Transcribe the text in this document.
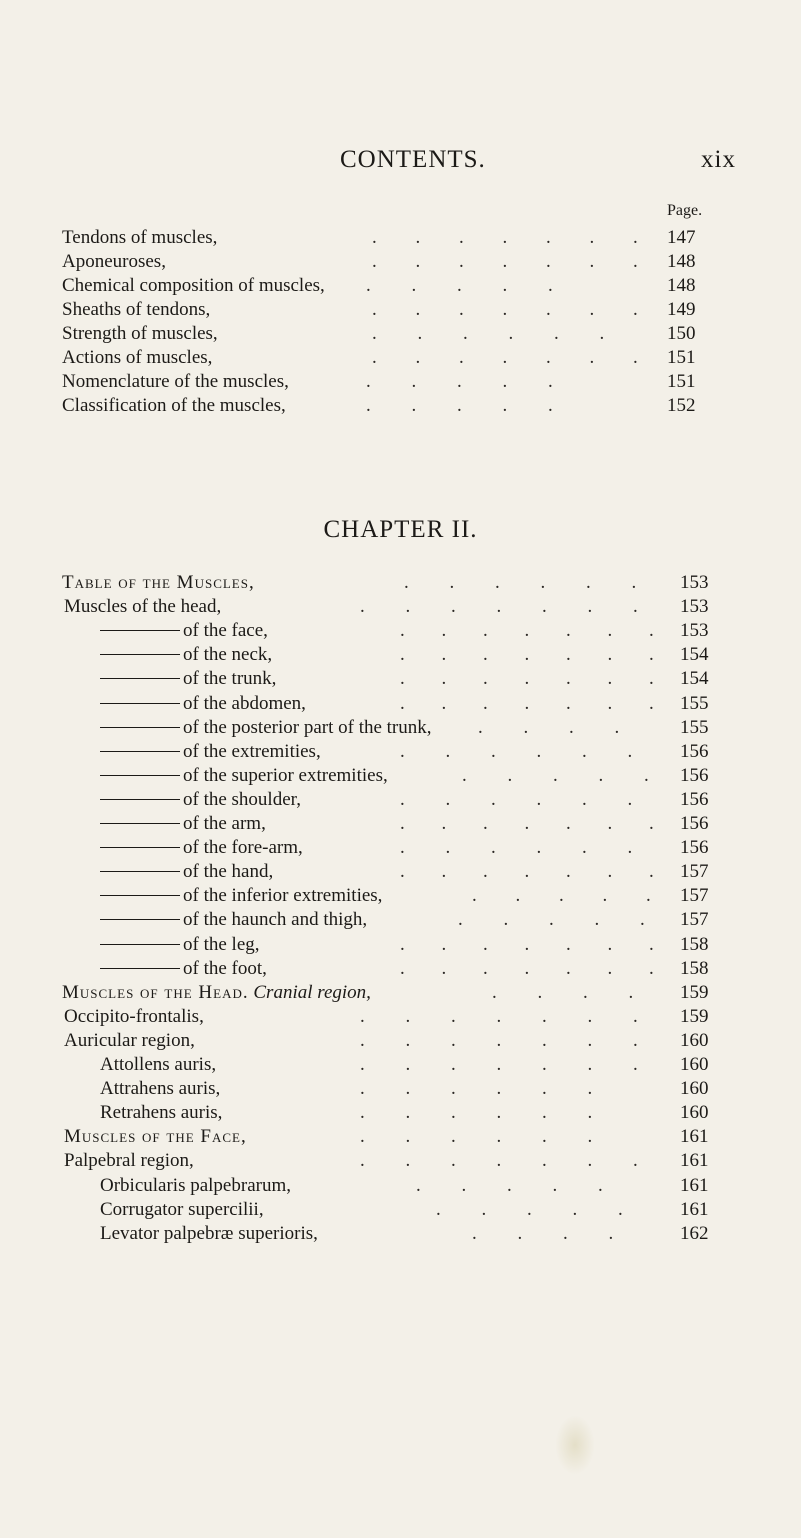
CONTENTS.	xix
Page.
Tendons of muscles,	. . . . . . . 147
Aponeuroses,	. . . . . . . 148
Chemical composition of muscles, . . . . .	148
Sheaths of tendons,	. . . . . . . 149
Strength of muscles,	. . . . . . 150
Actions of muscles,	. . . . . . . 151
Nomenclature of the muscles,	. . . . .	151
Classification of the muscles,	. . . . .	152
Table of the Muscles,	. . . . . . 153
Muscles of the head,	. . . . . . . 153
of the face,	. . . . . . . 153
of the neck,	. . . . . . . 154
of the trunk,	. . . . . . . 154
of the abdomen,	. . . . . . . 155
of the posterior part of the trunk, . . . . 155
of the extremities,	. . . . . . 156
of the superior extremities,	. . . . . 156
of the shoulder,	. . . . . . 156
of the arm,	. . . . . . . 156
of the fore-arm,	. . . . . . 156
of the hand,	. . . . . . . 157
of the inferior extremities,	. . . . . 157
of the haunch and thigh,	. . . . . 157
of the leg,	. . . . . . . 158
of the foot,	. . . . . . . 158
Muscles of the Head. Cranial region,	. . . . 159
Occipito-frontalis,	. . . . . . . 159
Auricular region,	. . . . . . . 160
Attollens auris,	. . . . . . . 160
Attrahens auris,	. . . . . .	160
Retrahens auris,	. . . . . .	160
Muscles of the Face,	. . . . . .	161
Palpebral region,	. . . . . . . 161
Orbicularis palpebrarum,	. . . . .	161
Corrugator supercilii,	. . . . . 161
Levator palpebræ superioris,	. . . .	162
CHAPTER II.
